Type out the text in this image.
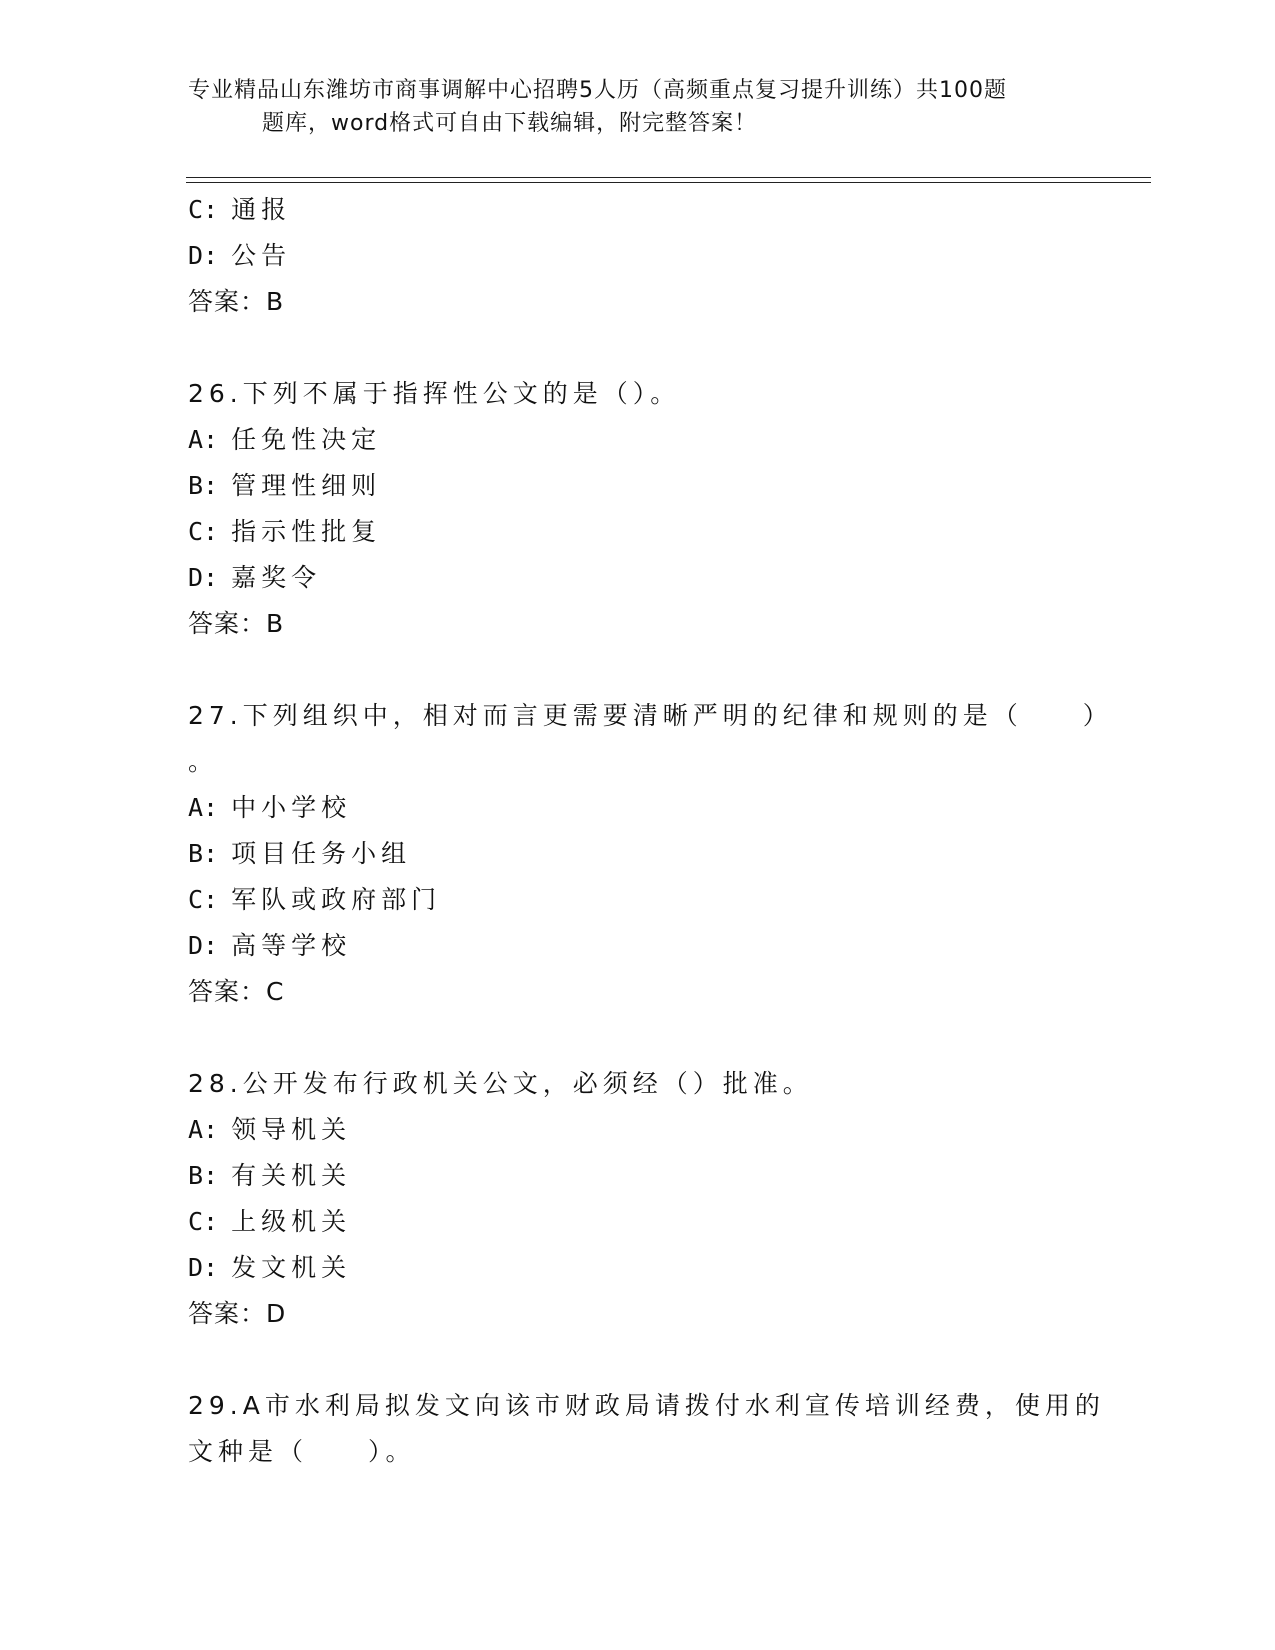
专业精品山东潍坊市商事调解中心招聘5人历（高频重点复习提升训练）共100题
题库，word格式可自由下载编辑，附完整答案！
C: 通报
D: 公告
答案：B
26.下列不属于指挥性公文的是（）。
A: 任免性决定
B: 管理性细则
C: 指示性批复
D: 嘉奖令
答案：B
27.下列组织中，相对而言更需要清晰严明的纪律和规则的是（　　）
。
A: 中小学校
B: 项目任务小组
C: 军队或政府部门
D: 高等学校
答案：C
28.公开发布行政机关公文，必须经（）批准。
A: 领导机关
B: 有关机关
C: 上级机关
D: 发文机关
答案：D
29.A市水利局拟发文向该市财政局请拨付水利宣传培训经费，使用的
文种是（　　）。
